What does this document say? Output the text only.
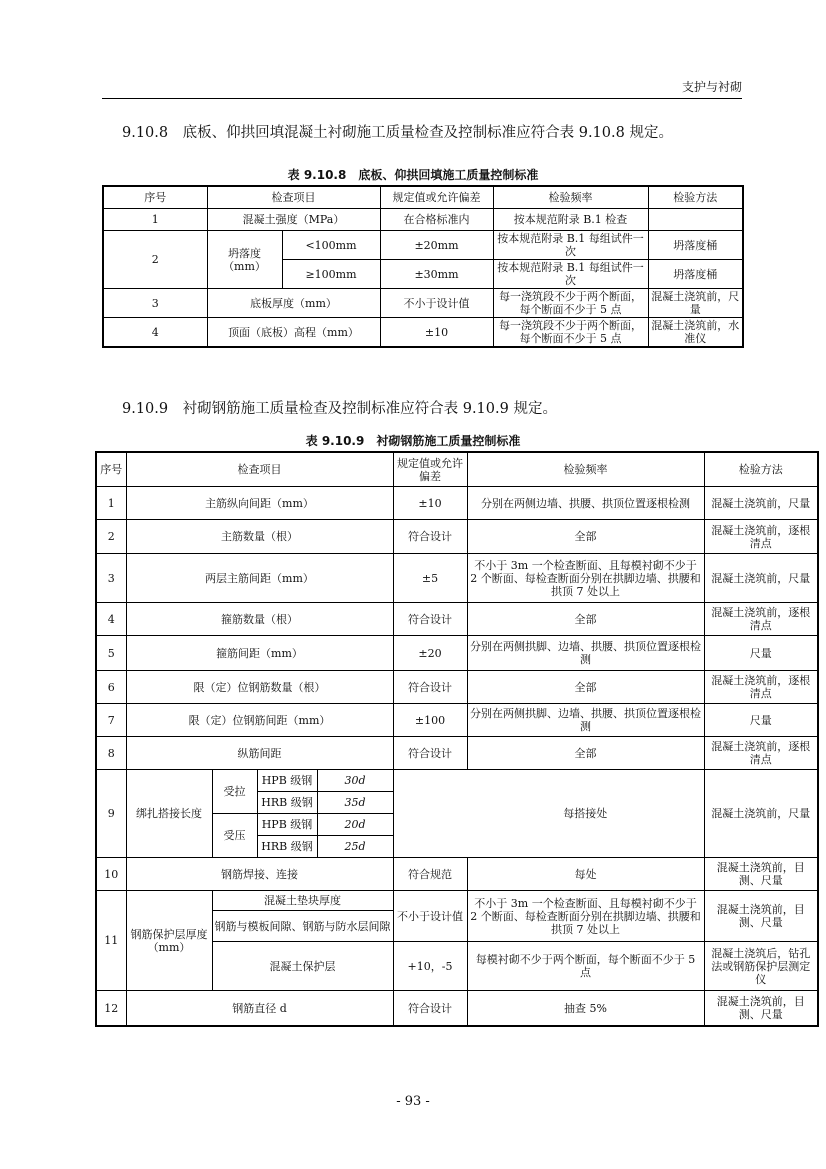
支护与衬砌
9.10.8　底板、仰拱回填混凝土衬砌施工质量检查及控制标准应符合表 9.10.8 规定。
表 9.10.8　底板、仰拱回填施工质量控制标准
序号	检查项目		规定值或允许偏差	检验频率	检验方法
1	混凝土强度（MPa）		在合格标准内	按本规范附录 B.1 检查	
2	坍落度（mm）	<100mm	±20mm	按本规范附录 B.1 每组试件一次	坍落度桶
		≥100mm	±30mm	按本规范附录 B.1 每组试件一次	坍落度桶
3	底板厚度（mm）		不小于设计值	每一浇筑段不少于两个断面，每个断面不少于 5 点	混凝土浇筑前，尺量
4	顶面（底板）高程（mm）		±10	每一浇筑段不少于两个断面，每个断面不少于 5 点	混凝土浇筑前，水准仪
9.10.9　衬砌钢筋施工质量检查及控制标准应符合表 9.10.9 规定。
表 9.10.9　衬砌钢筋施工质量控制标准
序号	检查项目				规定值或允许偏差	检验频率	检验方法
1	主筋纵向间距（mm）				±10	分别在两侧边墙、拱腰、拱顶位置逐根检测	混凝土浇筑前，尺量
2	主筋数量（根）				符合设计	全部	混凝土浇筑前，逐根清点
3	两层主筋间距（mm）				±5	不小于 3m 一个检查断面、且每模衬砌不少于 2 个断面、每检查断面分别在拱脚边墙、拱腰和拱顶 7 处以上	混凝土浇筑前，尺量
4	箍筋数量（根）				符合设计	全部	混凝土浇筑前，逐根清点
5	箍筋间距（mm）				±20	分别在两侧拱脚、边墙、拱腰、拱顶位置逐根检测	尺量
6	限（定）位钢筋数量（根）				符合设计	全部	混凝土浇筑前，逐根清点
7	限（定）位钢筋间距（mm）				±100	分别在两侧拱脚、边墙、拱腰、拱顶位置逐根检测	尺量
8	纵筋间距				符合设计	全部	混凝土浇筑前，逐根清点
9	绑扎搭接长度	受拉	HPB 级钢	30d		每搭接处	混凝土浇筑前，尺量
			HRB 级钢	35d			
		受压	HPB 级钢	20d			
			HRB 级钢	25d			
10	钢筋焊接、连接				符合规范	每处	混凝土浇筑前，目测、尺量
11	钢筋保护层厚度（mm）	混凝土垫块厚度			不小于设计值	不小于 3m 一个检查断面、且每模衬砌不少于 2 个断面、每检查断面分别在拱脚边墙、拱腰和拱顶 7 处以上	混凝土浇筑前，目测、尺量
		钢筋与模板间隙、钢筋与防水层间隙					
		混凝土保护层			+10，-5	每模衬砌不少于两个断面，每个断面不少于 5 点	混凝土浇筑后，钻孔法或钢筋保护层测定仪
12	钢筋直径 d				符合设计	抽查 5%	混凝土浇筑前，目测、尺量
- 93 -
